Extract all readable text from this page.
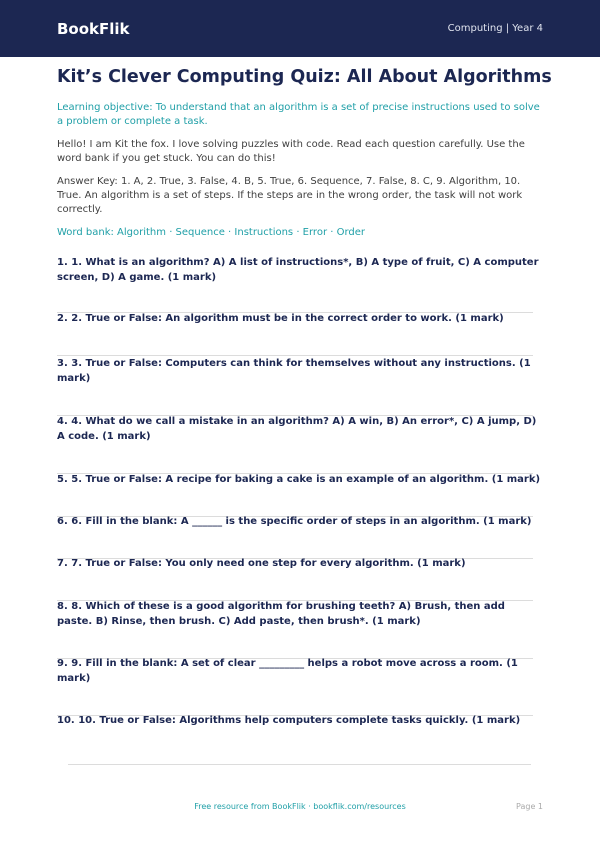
BookFlik	Computing | Year 4
Kit’s Clever Computing Quiz: All About Algorithms

Learning objective: To understand that an algorithm is a set of precise instructions used to solve a problem or complete a task.

Hello! I am Kit the fox. I love solving puzzles with code. Read each question carefully. Use the word bank if you get stuck. You can do this!

Answer Key: 1. A, 2. True, 3. False, 4. B, 5. True, 6. Sequence, 7. False, 8. C, 9. Algorithm, 10. True. An algorithm is a set of steps. If the steps are in the wrong order, the task will not work correctly.

Word bank: Algorithm · Sequence · Instructions · Error · Order

1. 1. What is an algorithm? A) A list of instructions*, B) A type of fruit, C) A computer screen, D) A game. (1 mark)
2. 2. True or False: An algorithm must be in the correct order to work. (1 mark)
3. 3. True or False: Computers can think for themselves without any instructions. (1 mark)
4. 4. What do we call a mistake in an algorithm? A) A win, B) An error*, C) A jump, D) A code. (1 mark)
5. 5. True or False: A recipe for baking a cake is an example of an algorithm. (1 mark)
6. 6. Fill in the blank: A ______ is the specific order of steps in an algorithm. (1 mark)
7. 7. True or False: You only need one step for every algorithm. (1 mark)
8. 8. Which of these is a good algorithm for brushing teeth? A) Brush, then add paste. B) Rinse, then brush. C) Add paste, then brush*. (1 mark)
9. 9. Fill in the blank: A set of clear _________ helps a robot move across a room. (1 mark)
10. 10. True or False: Algorithms help computers complete tasks quickly. (1 mark)
Free resource from BookFlik · bookflik.com/resources	Page 1
